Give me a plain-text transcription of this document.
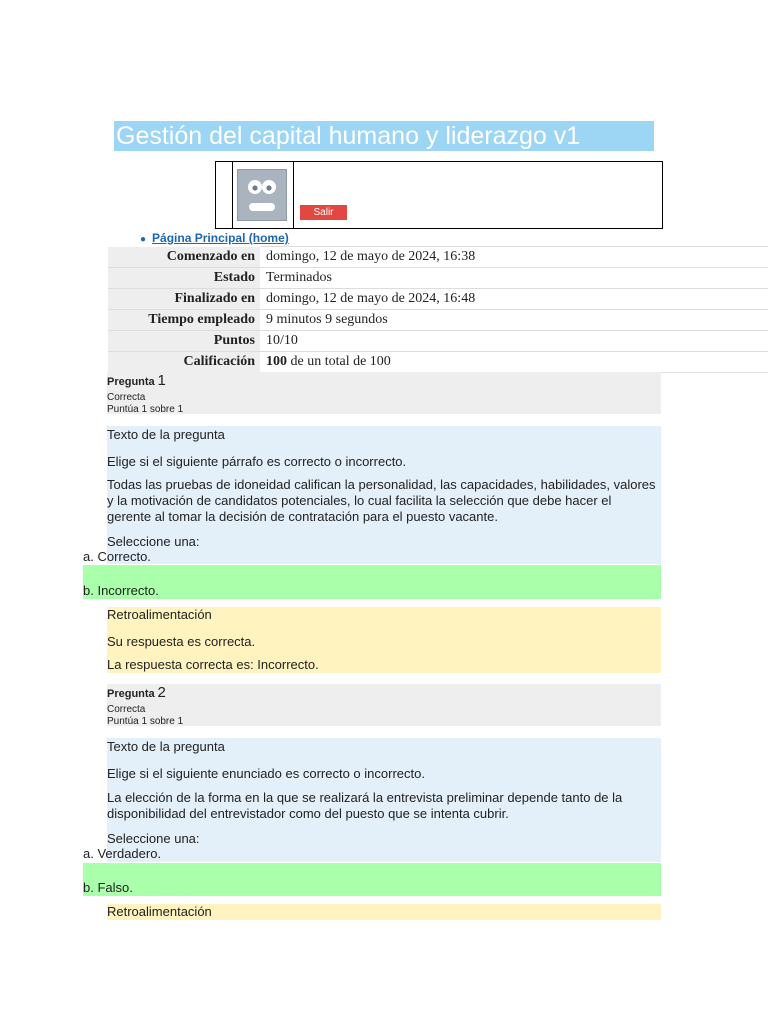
Gestión del capital humano y liderazgo v1
Salir
● Página Principal (home)
Comenzado en	domingo, 12 de mayo de 2024, 16:38
Estado	Terminados
Finalizado en	domingo, 12 de mayo de 2024, 16:48
Tiempo empleado	9 minutos 9 segundos
Puntos	10/10
Calificación	100 de un total de 100
Pregunta 1
Correcta
Puntúa 1 sobre 1

Texto de la pregunta

Elige si el siguiente párrafo es correcto o incorrecto.

Todas las pruebas de idoneidad califican la personalidad, las capacidades, habilidades, valores y la motivación de candidatos potenciales, lo cual facilita la selección que debe hacer el gerente al tomar la decisión de contratación para el puesto vacante.

Seleccione una:

a. Correcto.
b. Incorrecto.

Retroalimentación

Su respuesta es correcta.

La respuesta correcta es: Incorrecto.

Pregunta 2
Correcta
Puntúa 1 sobre 1

Texto de la pregunta

Elige si el siguiente enunciado es correcto o incorrecto.

La elección de la forma en la que se realizará la entrevista preliminar depende tanto de la disponibilidad del entrevistador como del puesto que se intenta cubrir.

Seleccione una:

a. Verdadero.
b. Falso.

Retroalimentación
